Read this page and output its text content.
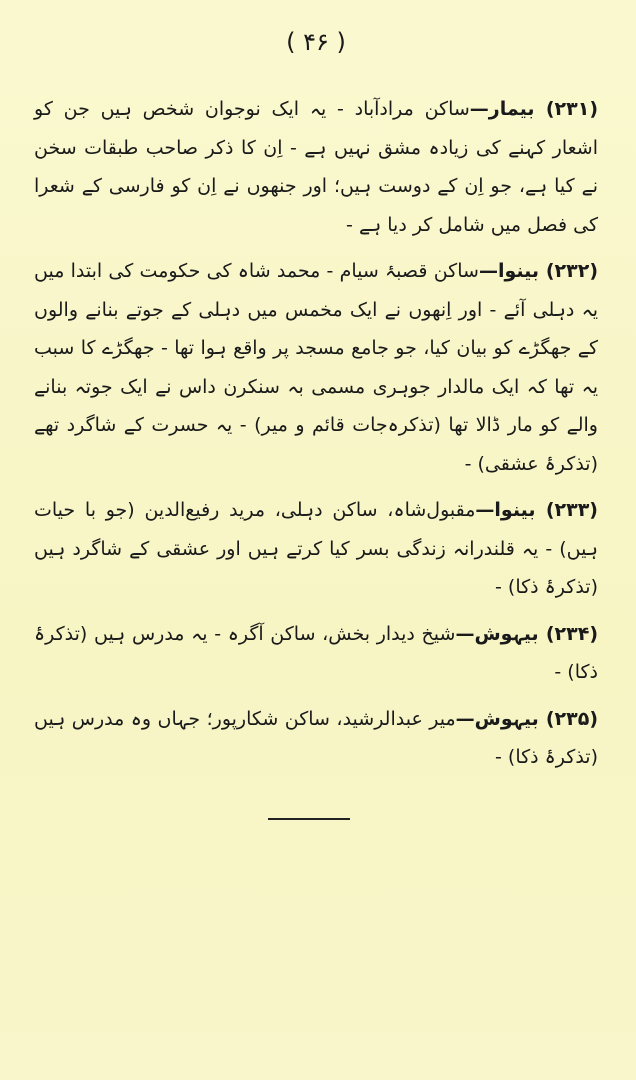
( ۴۶ )

(۲۳۱) بیمار—ساکن مرادآباد - یہ ایک نوجوان شخص ہیں جن کو اشعار کہنے کی زیادہ مشق نہیں ہے - اِن کا ذکر صاحب طبقات سخن نے کیا ہے، جو اِن کے دوست ہیں؛ اور جنھوں نے اِن کو فارسی کے شعرا کی فصل میں شامل کر دیا ہے -

(۲۳۲) بینوا—ساکن قصبۂ سیام - محمد شاہ کی حکومت کی ابتدا میں یہ دہلی آئے - اور اِنھوں نے ایک مخمس میں دہلی کے جوتے بنانے والوں کے جھگڑے کو بیان کیا، جو جامع مسجد پر واقع ہوا تھا - جھگڑے کا سبب یہ تھا کہ ایک مالدار جوہری مسمی بہ سنکرن داس نے ایک جوتہ بنانے والے کو مار ڈالا تھا (تذکرہ‌جات قائم و میر) - یہ حسرت کے شاگرد تھے (تذکرۂ عشقی) -

(۲۳۳) بینوا—مقبول‌شاہ، ساکن دہلی، مرید رفیع‌الدین (جو با حیات ہیں) - یہ قلندرانہ زندگی بسر کیا کرتے ہیں اور عشقی کے شاگرد ہیں (تذکرۂ ذکا) -

(۲۳۴) بیہوش—شیخ دیدار بخش، ساکن آگرہ - یہ مدرس ہیں (تذکرۂ ذکا) -

(۲۳۵) بیہوش—میر عبدالرشید، ساکن شکارپور؛ جہاں وہ مدرس ہیں (تذکرۂ ذکا) -
